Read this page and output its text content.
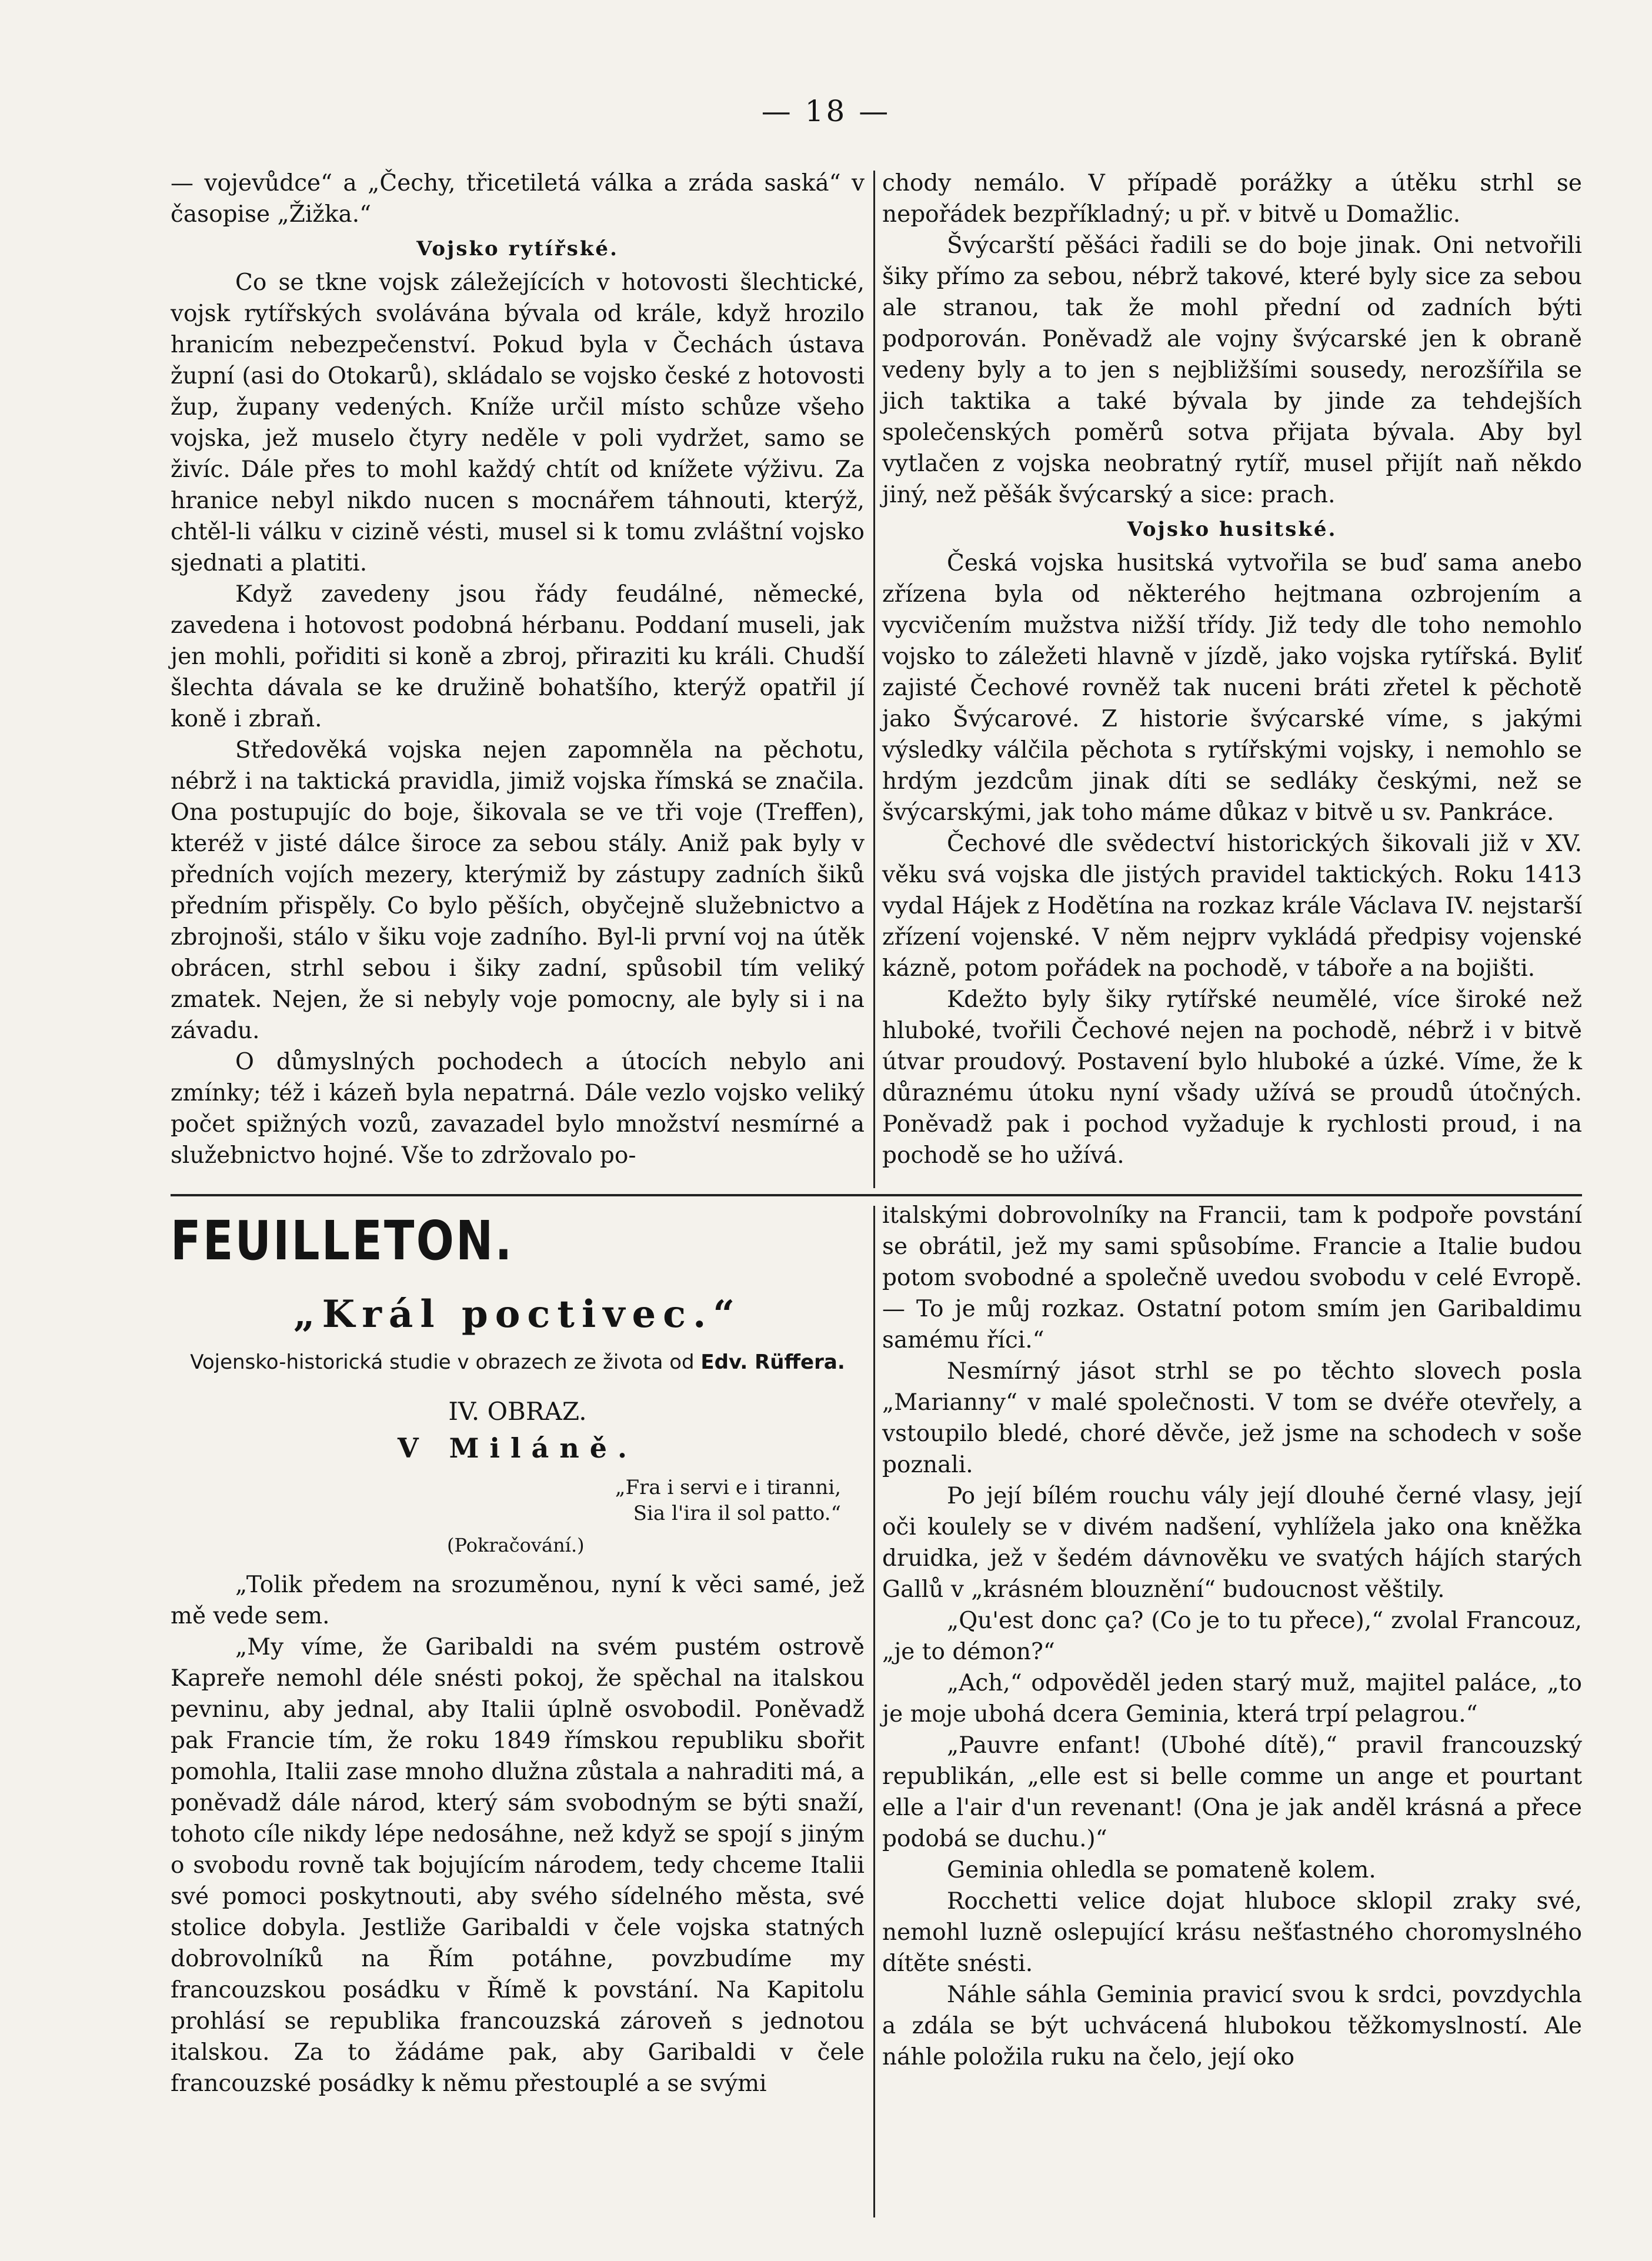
— 18 —

— vojevůdce“ a „Čechy, třicetiletá válka a zráda saská“ v časopise „Žižka.“

Vojsko rytířské.

Co se tkne vojsk záležejících v hotovosti šlechtické, vojsk rytířských svolávána bývala od krále, když hrozilo hranicím nebezpečenství. Pokud byla v Čechách ústava župní (asi do Otokarů), skládalo se vojsko české z hotovosti žup, župany vedených. Kníže určil místo schůze všeho vojska, jež muselo čtyry neděle v poli vydržet, samo se živíc. Dále přes to mohl každý chtít od knížete výživu. Za hranice nebyl nikdo nucen s mocnářem táhnouti, kterýž, chtěl-li válku v cizině vésti, musel si k tomu zvláštní vojsko sjednati a platiti.

Když zavedeny jsou řády feudálné, německé, zavedena i hotovost podobná hérbanu. Poddaní museli, jak jen mohli, pořiditi si koně a zbroj, přiraziti ku králi. Chudší šlechta dávala se ke družině bohatšího, kterýž opatřil jí koně i zbraň.

Středověká vojska nejen zapomněla na pěchotu, nébrž i na taktická pravidla, jimiž vojska římská se značila. Ona postupujíc do boje, šikovala se ve tři voje (Treffen), kteréž v jisté dálce široce za sebou stály. Aniž pak byly v předních vojích mezery, kterýmiž by zástupy zadních šiků předním přispěly. Co bylo pěších, obyčejně služebnictvo a zbrojnoši, stálo v šiku voje zadního. Byl-li první voj na útěk obrácen, strhl sebou i šiky zadní, spůsobil tím veliký zmatek. Nejen, že si nebyly voje pomocny, ale byly si i na závadu.

O důmyslných pochodech a útocích nebylo ani zmínky; též i kázeň byla nepatrná. Dále vezlo vojsko veliký počet spižných vozů, zavazadel bylo množství nesmírné a služebnictvo hojné. Vše to zdržovalo po-

chody nemálo. V případě porážky a útěku strhl se nepořádek bezpříkladný; u př. v bitvě u Domažlic.

Švýcarští pěšáci řadili se do boje jinak. Oni netvořili šiky přímo za sebou, nébrž takové, které byly sice za sebou ale stranou, tak že mohl přední od zadních býti podporován. Poněvadž ale vojny švýcarské jen k obraně vedeny byly a to jen s nejbližšími sousedy, nerozšířila se jich taktika a také bývala by jinde za tehdejších společenských poměrů sotva přijata bývala. Aby byl vytlačen z vojska neobratný rytíř, musel přijít naň někdo jiný, než pěšák švýcarský a sice: prach.

Vojsko husitské.

Česká vojska husitská vytvořila se buď sama anebo zřízena byla od některého hejtmana ozbrojením a vycvičením mužstva nižší třídy. Již tedy dle toho nemohlo vojsko to záležeti hlavně v jízdě, jako vojska rytířská. Byliť zajisté Čechové rovněž tak nuceni bráti zřetel k pěchotě jako Švýcarové. Z historie švýcarské víme, s jakými výsledky válčila pěchota s rytířskými vojsky, i nemohlo se hrdým jezdcům jinak díti se sedláky českými, než se švýcarskými, jak toho máme důkaz v bitvě u sv. Pankráce.

Čechové dle svědectví historických šikovali již v XV. věku svá vojska dle jistých pravidel taktických. Roku 1413 vydal Hájek z Hodětína na rozkaz krále Václava IV. nejstarší zřízení vojenské. V něm nejprv vykládá předpisy vojenské kázně, potom pořádek na pochodě, v táboře a na bojišti.

Kdežto byly šiky rytířské neumělé, více široké než hluboké, tvořili Čechové nejen na pochodě, nébrž i v bitvě útvar proudový. Postavení bylo hluboké a úzké. Víme, že k důraznému útoku nyní všady užívá se proudů útočných. Poněvadž pak i pochod vyžaduje k rychlosti proud, i na pochodě se ho užívá.

FEUILLETON.
„Král poctivec.“
Vojensko-historická studie v obrazech ze života od Edv. Rüffera.
IV. OBRAZ.
V Miláně.
„Fra i servi e i tiranni,
Sia l'ira il sol patto.“
(Pokračování.)

„Tolik předem na srozuměnou, nyní k věci samé, jež mě vede sem.

„My víme, že Garibaldi na svém pustém ostrově Kapreře nemohl déle snésti pokoj, že spěchal na italskou pevninu, aby jednal, aby Italii úplně osvobodil. Poněvadž pak Francie tím, že roku 1849 římskou republiku sbořit pomohla, Italii zase mnoho dlužna zůstala a nahraditi má, a poněvadž dále národ, který sám svobodným se býti snaží, tohoto cíle nikdy lépe nedosáhne, než když se spojí s jiným o svobodu rovně tak bojujícím národem, tedy chceme Italii své pomoci poskytnouti, aby svého sídelného města, své stolice dobyla. Jestliže Garibaldi v čele vojska statných dobrovolníků na Řím potáhne, povzbudíme my francouzskou posádku v Římě k povstání. Na Kapitolu prohlásí se republika francouzská zároveň s jednotou italskou. Za to žádáme pak, aby Garibaldi v čele francouzské posádky k němu přestouplé a se svými

italskými dobrovolníky na Francii, tam k podpoře povstání se obrátil, jež my sami spůsobíme. Francie a Italie budou potom svobodné a společně uvedou svobodu v celé Evropě. — To je můj rozkaz. Ostatní potom smím jen Garibaldimu samému říci.“

Nesmírný jásot strhl se po těchto slovech posla „Marianny“ v malé společnosti. V tom se dvéře otevřely, a vstoupilo bledé, choré děvče, jež jsme na schodech v soše poznali.

Po její bílém rouchu vály její dlouhé černé vlasy, její oči koulely se v divém nadšení, vyhlížela jako ona kněžka druidka, jež v šedém dávnověku ve svatých hájích starých Gallů v „krásném blouznění“ budoucnost věštily.

„Qu'est donc ça? (Co je to tu přece),“ zvolal Francouz, „je to démon?“

„Ach,“ odpověděl jeden starý muž, majitel paláce, „to je moje ubohá dcera Geminia, která trpí pelagrou.“

„Pauvre enfant! (Ubohé dítě),“ pravil francouzský republikán, „elle est si belle comme un ange et pourtant elle a l'air d'un revenant! (Ona je jak anděl krásná a přece podobá se duchu.)“

Geminia ohledla se pomateně kolem.

Rocchetti velice dojat hluboce sklopil zraky své, nemohl luzně oslepující krásu nešťastného choromyslného dítěte snésti.

Náhle sáhla Geminia pravicí svou k srdci, povzdychla a zdála se být uchvácená hlubokou těžkomyslností. Ale náhle položila ruku na čelo, její oko
